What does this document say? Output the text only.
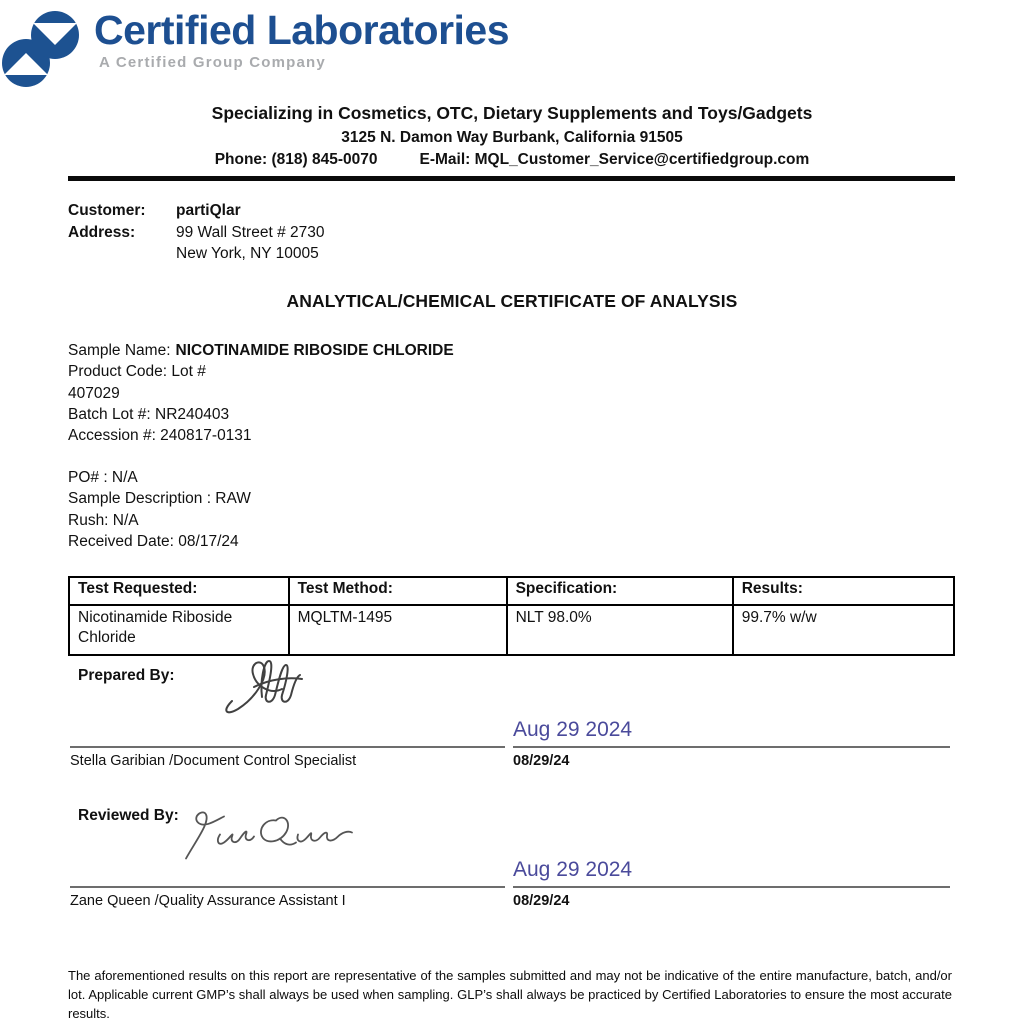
Certified Laboratories
A Certified Group Company
Specializing in Cosmetics, OTC, Dietary Supplements and Toys/Gadgets
3125 N. Damon Way Burbank, California 91505
Phone: (818) 845-0070	E-Mail: MQL_Customer_Service@certifiedgroup.com
Customer:	partiQlar
Address:	99 Wall Street # 2730
New York, NY 10005
ANALYTICAL/CHEMICAL CERTIFICATE OF ANALYSIS
Sample Name: NICOTINAMIDE RIBOSIDE CHLORIDE
Product Code: Lot #
407029
Batch Lot #: NR240403
Accession #: 240817-0131
PO# : N/A
Sample Description : RAW
Rush: N/A
Received Date: 08/17/24
Test Requested:	Test Method:	Specification:	Results:
Nicotinamide Riboside Chloride	MQLTM-1495	NLT 98.0%	99.7% w/w
Prepared By:
Stella Garibian /Document Control Specialist
Aug 29 2024
08/29/24
Reviewed By:
Zane Queen /Quality Assurance Assistant I
Aug 29 2024
08/29/24
The aforementioned results on this report are representative of the samples submitted and may not be indicative of the entire manufacture, batch, and/or lot. Applicable current GMP’s shall always be used when sampling. GLP’s shall always be practiced by Certified Laboratories to ensure the most accurate results.
